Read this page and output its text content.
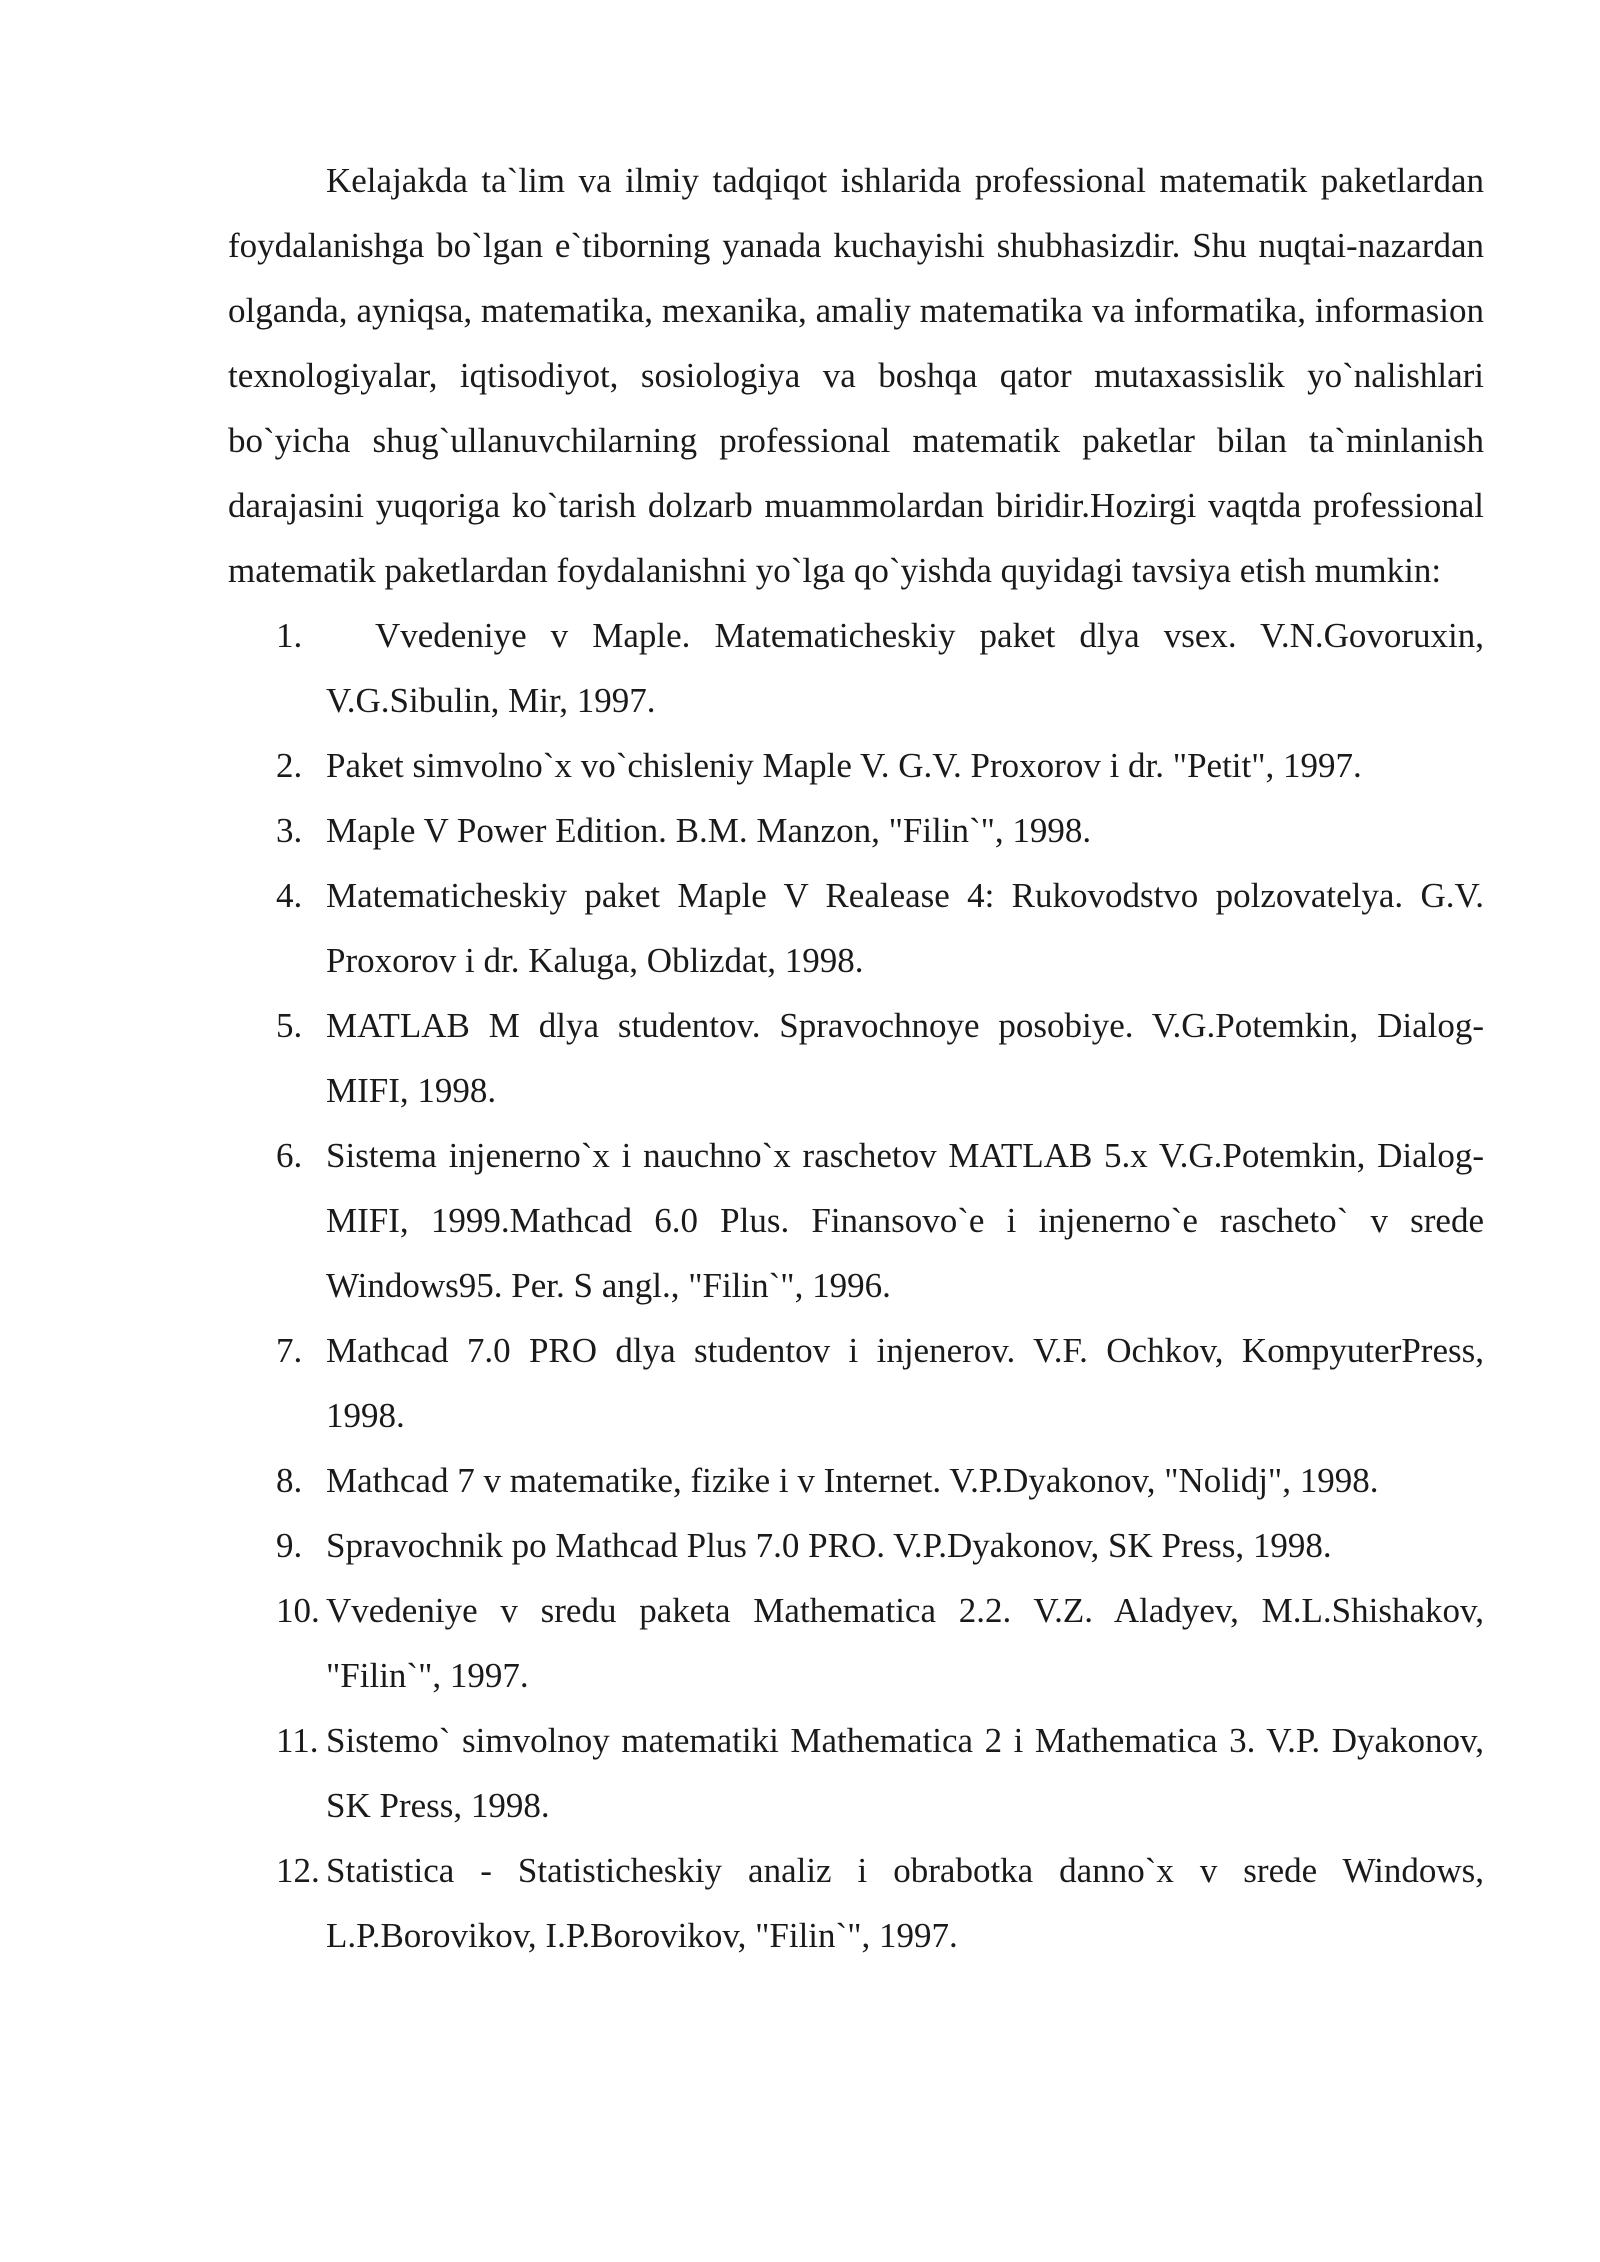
Kelajakda ta`lim va ilmiy tadqiqot ishlarida professional matematik paketlardan foydalanishga bo`lgan e`tiborning yanada kuchayishi shubhasizdir. Shu nuqtai-nazardan olganda, ayniqsa, matematika, mexanika, amaliy matematika va informatika, informasion texnologiyalar, iqtisodiyot, sosiologiya va boshqa qator mutaxassislik yo`nalishlari bo`yicha shug`ullanuvchilarning professional matematik paketlar bilan ta`minlanish darajasini yuqoriga ko`tarish dolzarb muammolardan biridir.Hozirgi vaqtda professional matematik paketlardan foydalanishni yo`lga qo`yishda quyidagi tavsiya etish mumkin:

1.	Vvedeniye v Maple. Matematicheskiy paket dlya vsex. V.N.Govoruxin, V.G.Sibulin, Mir, 1997.
2. Paket simvolno`x vo`chisleniy Maple V. G.V. Proxorov i dr. "Petit", 1997.
3. Maple V Power Edition. B.M. Manzon, "Filin`", 1998.
4. Matematicheskiy paket Maple V Realease 4: Rukovodstvo polzovatelya. G.V. Proxorov i dr. Kaluga, Oblizdat, 1998.
5. MATLAB M dlya studentov. Spravochnoye posobiye. V.G.Potemkin, Dialog-MIFI, 1998.
6. Sistema injenerno`x i nauchno`x raschetov MATLAB 5.x V.G.Potemkin, Dialog-MIFI, 1999.Mathcad 6.0 Plus. Finansovo`e i injenerno`e rascheto` v srede Windows95. Per. S angl., "Filin`", 1996.
7. Mathcad 7.0 PRO dlya studentov i injenerov. V.F. Ochkov, KompyuterPress, 1998.
8. Mathcad 7 v matematike, fizike i v Internet. V.P.Dyakonov, "Nolidj", 1998.
9. Spravochnik po Mathcad Plus 7.0 PRO. V.P.Dyakonov, SK Press, 1998.
10. Vvedeniye v sredu paketa Mathematica 2.2. V.Z. Aladyev, M.L.Shishakov, "Filin`", 1997.
11. Sistemo` simvolnoy matematiki Mathematica 2 i Mathematica 3. V.P. Dyakonov, SK Press, 1998.
12. Statistica - Statisticheskiy analiz i obrabotka danno`x v srede Windows, L.P.Borovikov, I.P.Borovikov, "Filin`", 1997.
